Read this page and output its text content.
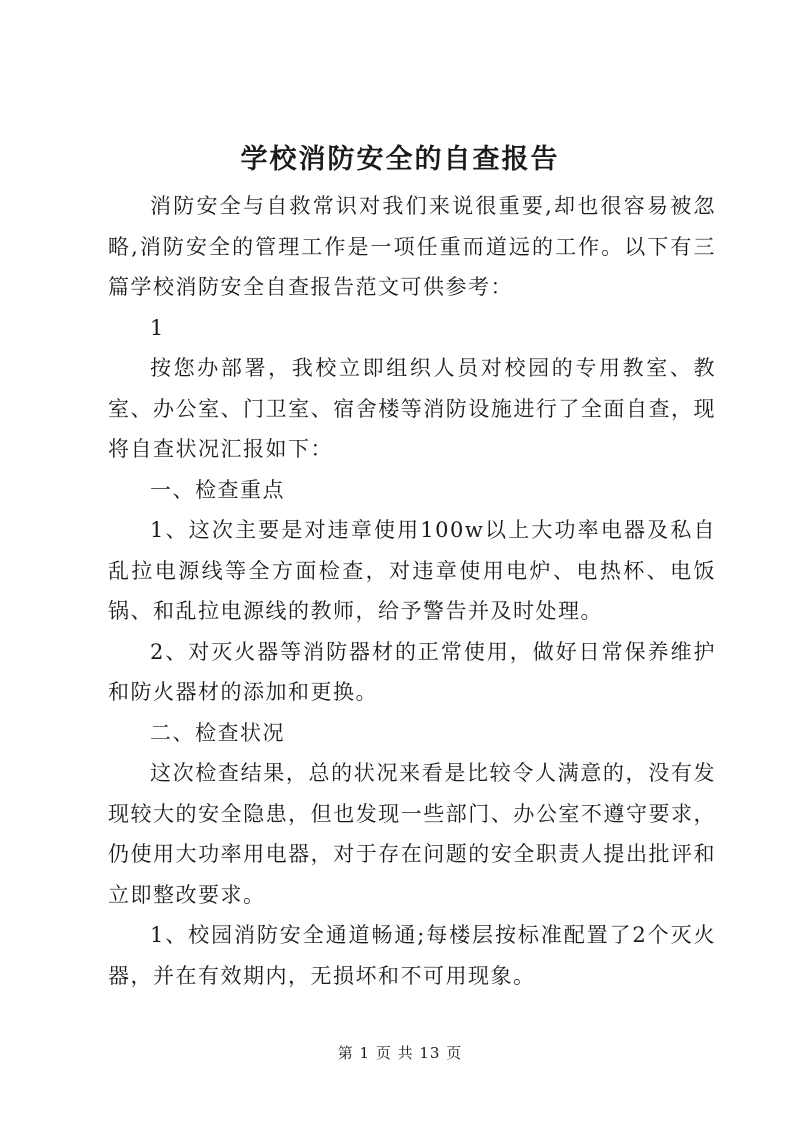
学校消防安全的自查报告

消防安全与自救常识对我们来说很重要,却也很容易被忽略,消防安全的管理工作是一项任重而道远的工作。以下有三篇学校消防安全自查报告范文可供参考：

1

按您办部署，我校立即组织人员对校园的专用教室、教室、办公室、门卫室、宿舍楼等消防设施进行了全面自查，现将自查状况汇报如下：

一、检查重点

1、这次主要是对违章使用100w以上大功率电器及私自乱拉电源线等全方面检查，对违章使用电炉、电热杯、电饭锅、和乱拉电源线的教师，给予警告并及时处理。

2、对灭火器等消防器材的正常使用，做好日常保养维护和防火器材的添加和更换。

二、检查状况

这次检查结果，总的状况来看是比较令人满意的，没有发现较大的安全隐患，但也发现一些部门、办公室不遵守要求，仍使用大功率用电器，对于存在问题的安全职责人提出批评和立即整改要求。

1、校园消防安全通道畅通;每楼层按标准配置了2个灭火器，并在有效期内，无损坏和不可用现象。

第 1 页 共 13 页
